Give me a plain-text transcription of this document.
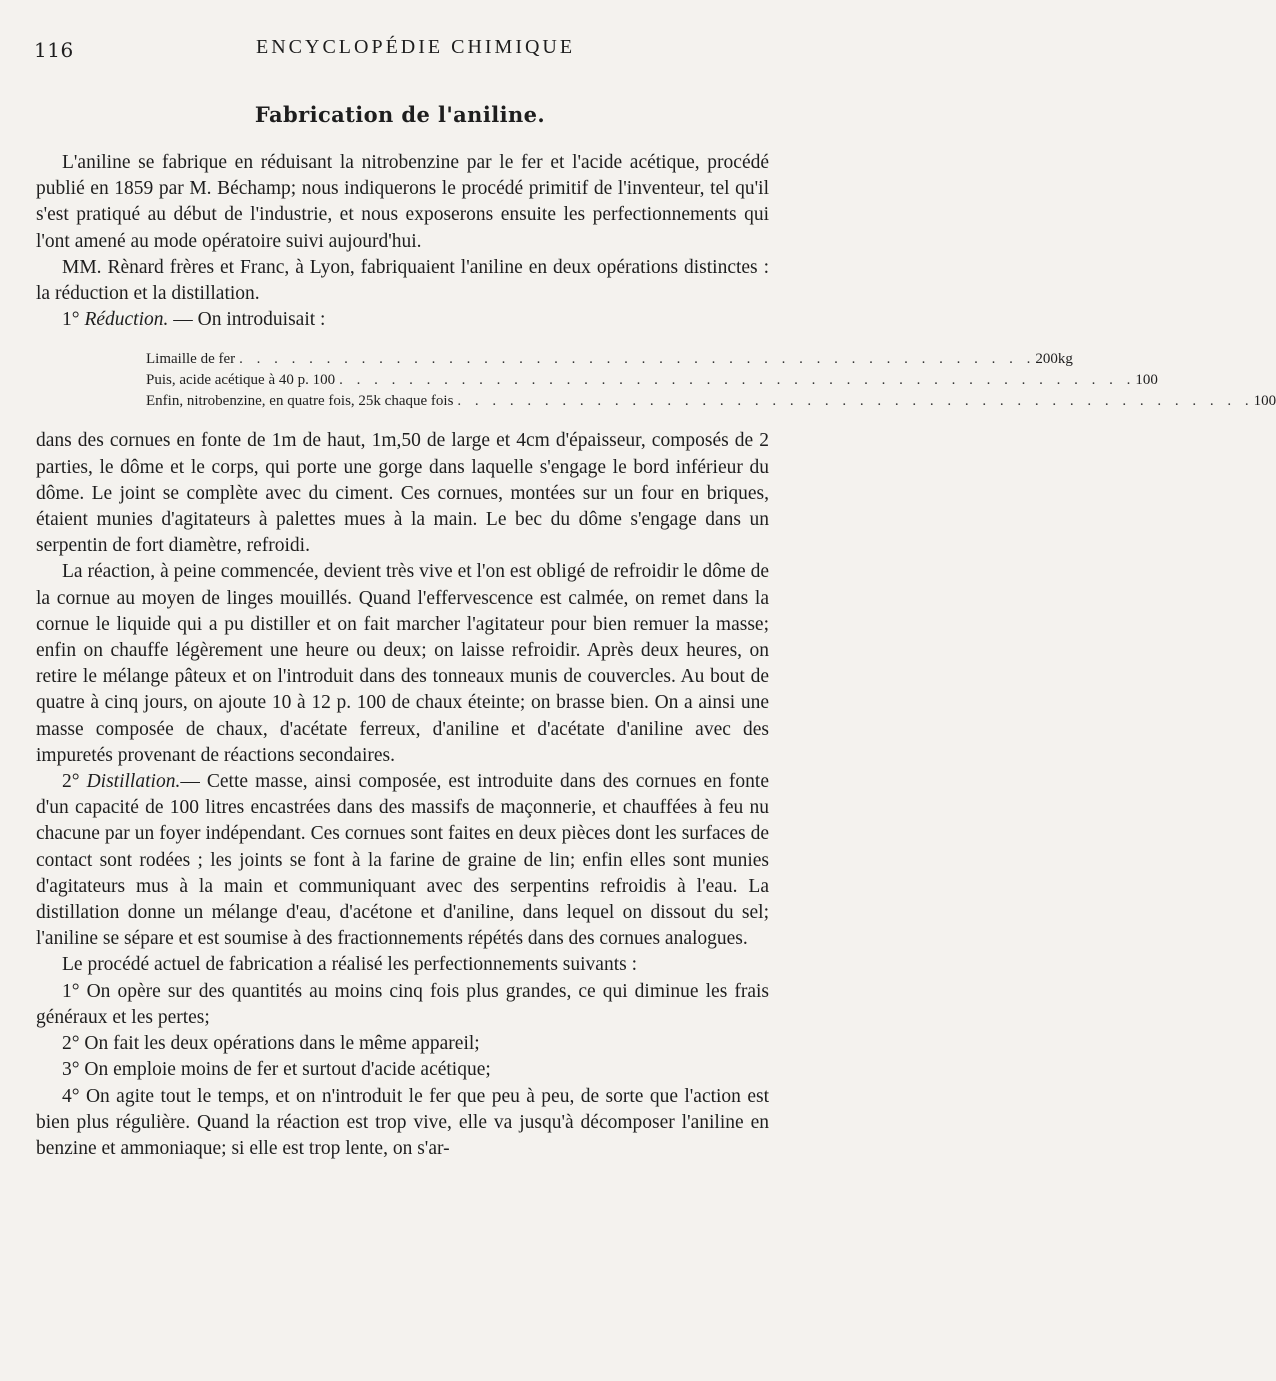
116	ENCYCLOPÉDIE CHIMIQUE
Fabrication de l'aniline.

L'aniline se fabrique en réduisant la nitrobenzine par le fer et l'acide acétique, procédé publié en 1859 par M. Béchamp; nous indiquerons le procédé primitif de l'inventeur, tel qu'il s'est pratiqué au début de l'industrie, et nous exposerons ensuite les perfectionnements qui l'ont amené au mode opératoire suivi aujourd'hui.

MM. Rènard frères et Franc, à Lyon, fabriquaient l'aniline en deux opérations distinctes : la réduction et la distillation.

1° Réduction. — On introduisait :

Limaille de fer . . . . . . . . . . . . . . . . . . . . . . . . . . . . . . . . . . . . . . . . . . . . . . 200kg
Puis, acide acétique à 40 p. 100 . . . . . . . . . . . . . . . . . . . . . . . . . . . . . . . . . . . . . . . . . . . . . . 100
Enfin, nitrobenzine, en quatre fois, 25k chaque fois . . . . . . . . . . . . . . . . . . . . . . . . . . . . . . . . . . . . . . . . . . . . . . 100

dans des cornues en fonte de 1m de haut, 1m,50 de large et 4cm d'épaisseur, composés de 2 parties, le dôme et le corps, qui porte une gorge dans laquelle s'engage le bord inférieur du dôme. Le joint se complète avec du ciment. Ces cornues, montées sur un four en briques, étaient munies d'agitateurs à palettes mues à la main. Le bec du dôme s'engage dans un serpentin de fort diamètre, refroidi.

La réaction, à peine commencée, devient très vive et l'on est obligé de refroidir le dôme de la cornue au moyen de linges mouillés. Quand l'effervescence est calmée, on remet dans la cornue le liquide qui a pu distiller et on fait marcher l'agitateur pour bien remuer la masse; enfin on chauffe légèrement une heure ou deux; on laisse refroidir. Après deux heures, on retire le mélange pâteux et on l'introduit dans des tonneaux munis de couvercles. Au bout de quatre à cinq jours, on ajoute 10 à 12 p. 100 de chaux éteinte; on brasse bien. On a ainsi une masse composée de chaux, d'acétate ferreux, d'aniline et d'acétate d'aniline avec des impuretés provenant de réactions secondaires.

2° Distillation.— Cette masse, ainsi composée, est introduite dans des cornues en fonte d'un capacité de 100 litres encastrées dans des massifs de maçonnerie, et chauffées à feu nu chacune par un foyer indépendant. Ces cornues sont faites en deux pièces dont les surfaces de contact sont rodées ; les joints se font à la farine de graine de lin; enfin elles sont munies d'agitateurs mus à la main et communiquant avec des serpentins refroidis à l'eau. La distillation donne un mélange d'eau, d'acétone et d'aniline, dans lequel on dissout du sel; l'aniline se sépare et est soumise à des fractionnements répétés dans des cornues analogues.

Le procédé actuel de fabrication a réalisé les perfectionnements suivants :

1° On opère sur des quantités au moins cinq fois plus grandes, ce qui diminue les frais généraux et les pertes;

2° On fait les deux opérations dans le même appareil;

3° On emploie moins de fer et surtout d'acide acétique;

4° On agite tout le temps, et on n'introduit le fer que peu à peu, de sorte que l'action est bien plus régulière. Quand la réaction est trop vive, elle va jusqu'à décomposer l'aniline en benzine et ammoniaque; si elle est trop lente, on s'ar-
